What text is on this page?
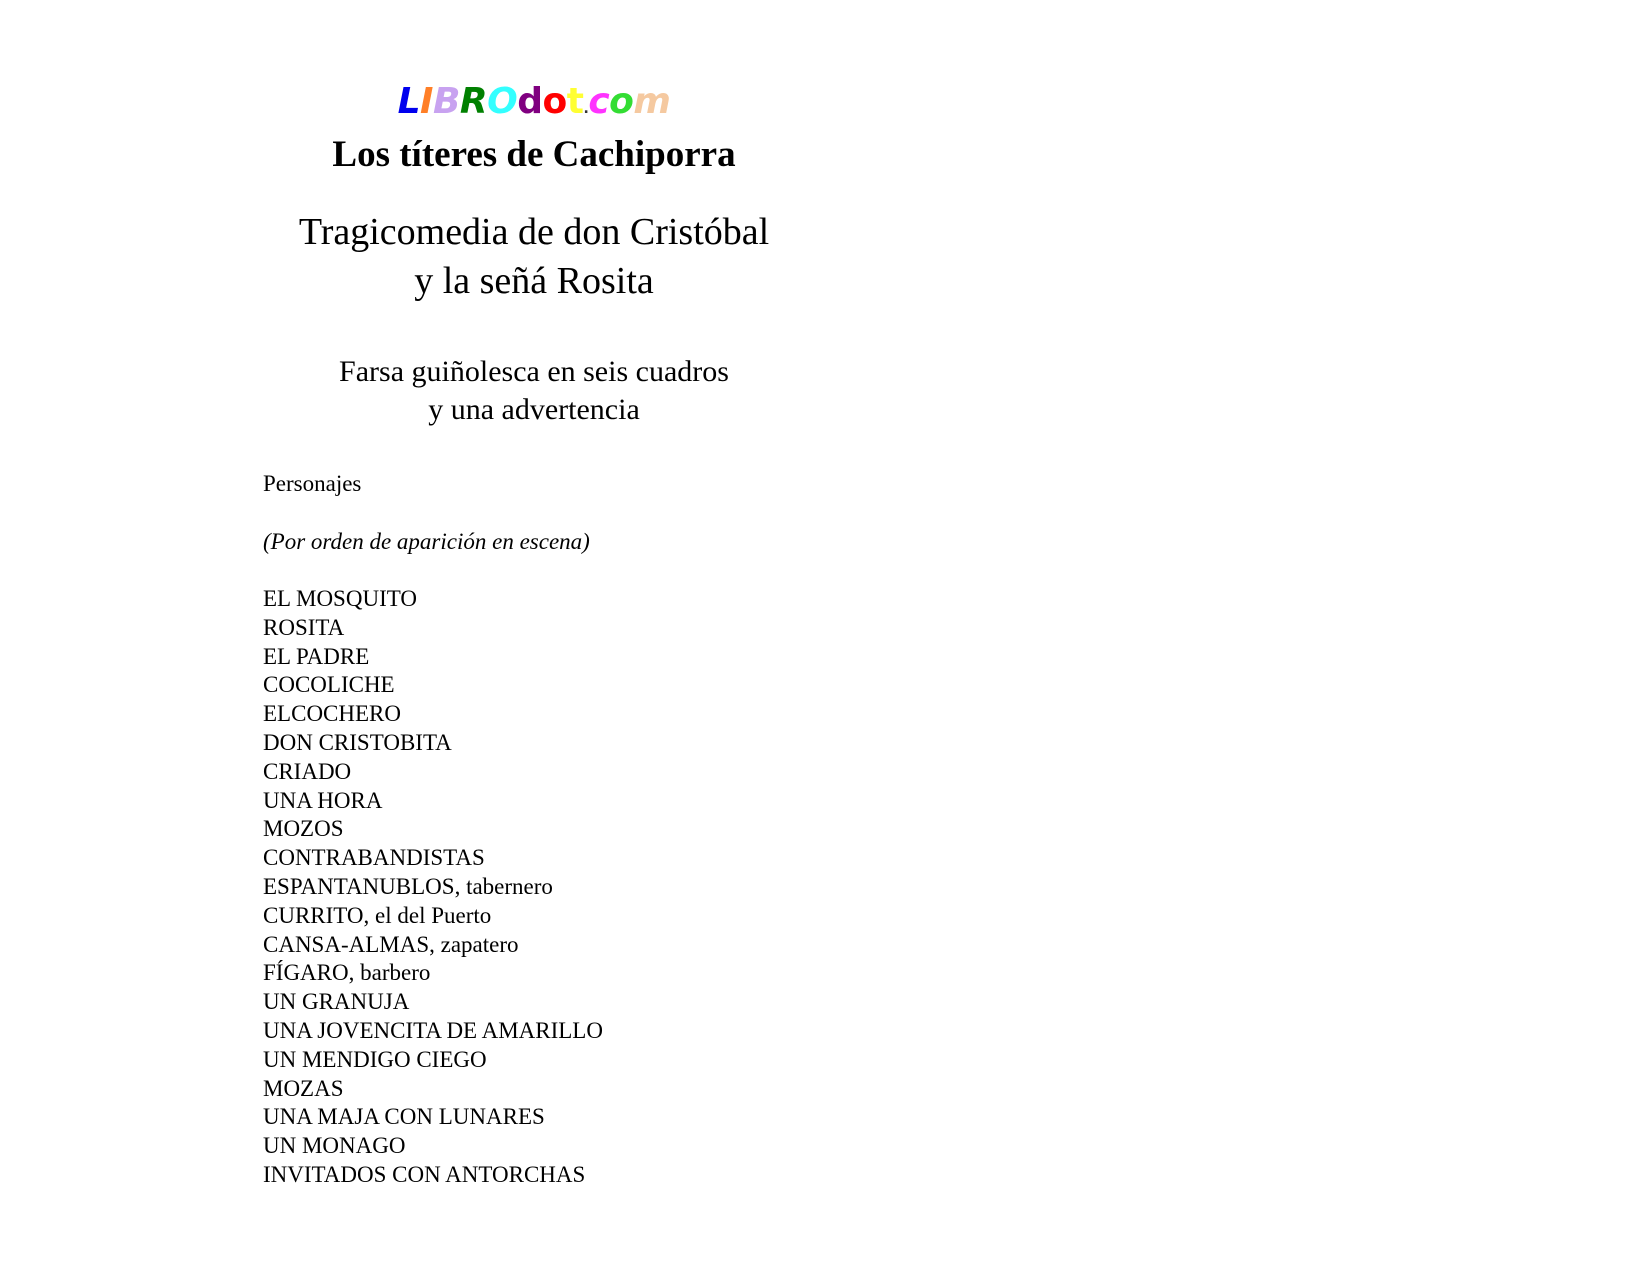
LIBROdot.com
Los títeres de Cachiporra
Tragicomedia de don Cristóbal
y la señá Rosita
Farsa guiñolesca en seis cuadros
y una advertencia
Personajes
(Por orden de aparición en escena)
EL MOSQUITO
ROSITA
EL PADRE
COCOLICHE
ELCOCHERO
DON CRISTOBITA
CRIADO
UNA HORA
MOZOS
CONTRABANDISTAS
ESPANTANUBLOS, tabernero
CURRITO, el del Puerto
CANSA-ALMAS, zapatero
FÍGARO, barbero
UN GRANUJA
UNA JOVENCITA DE AMARILLO
UN MENDIGO CIEGO
MOZAS
UNA MAJA CON LUNARES
UN MONAGO
INVITADOS CON ANTORCHAS
